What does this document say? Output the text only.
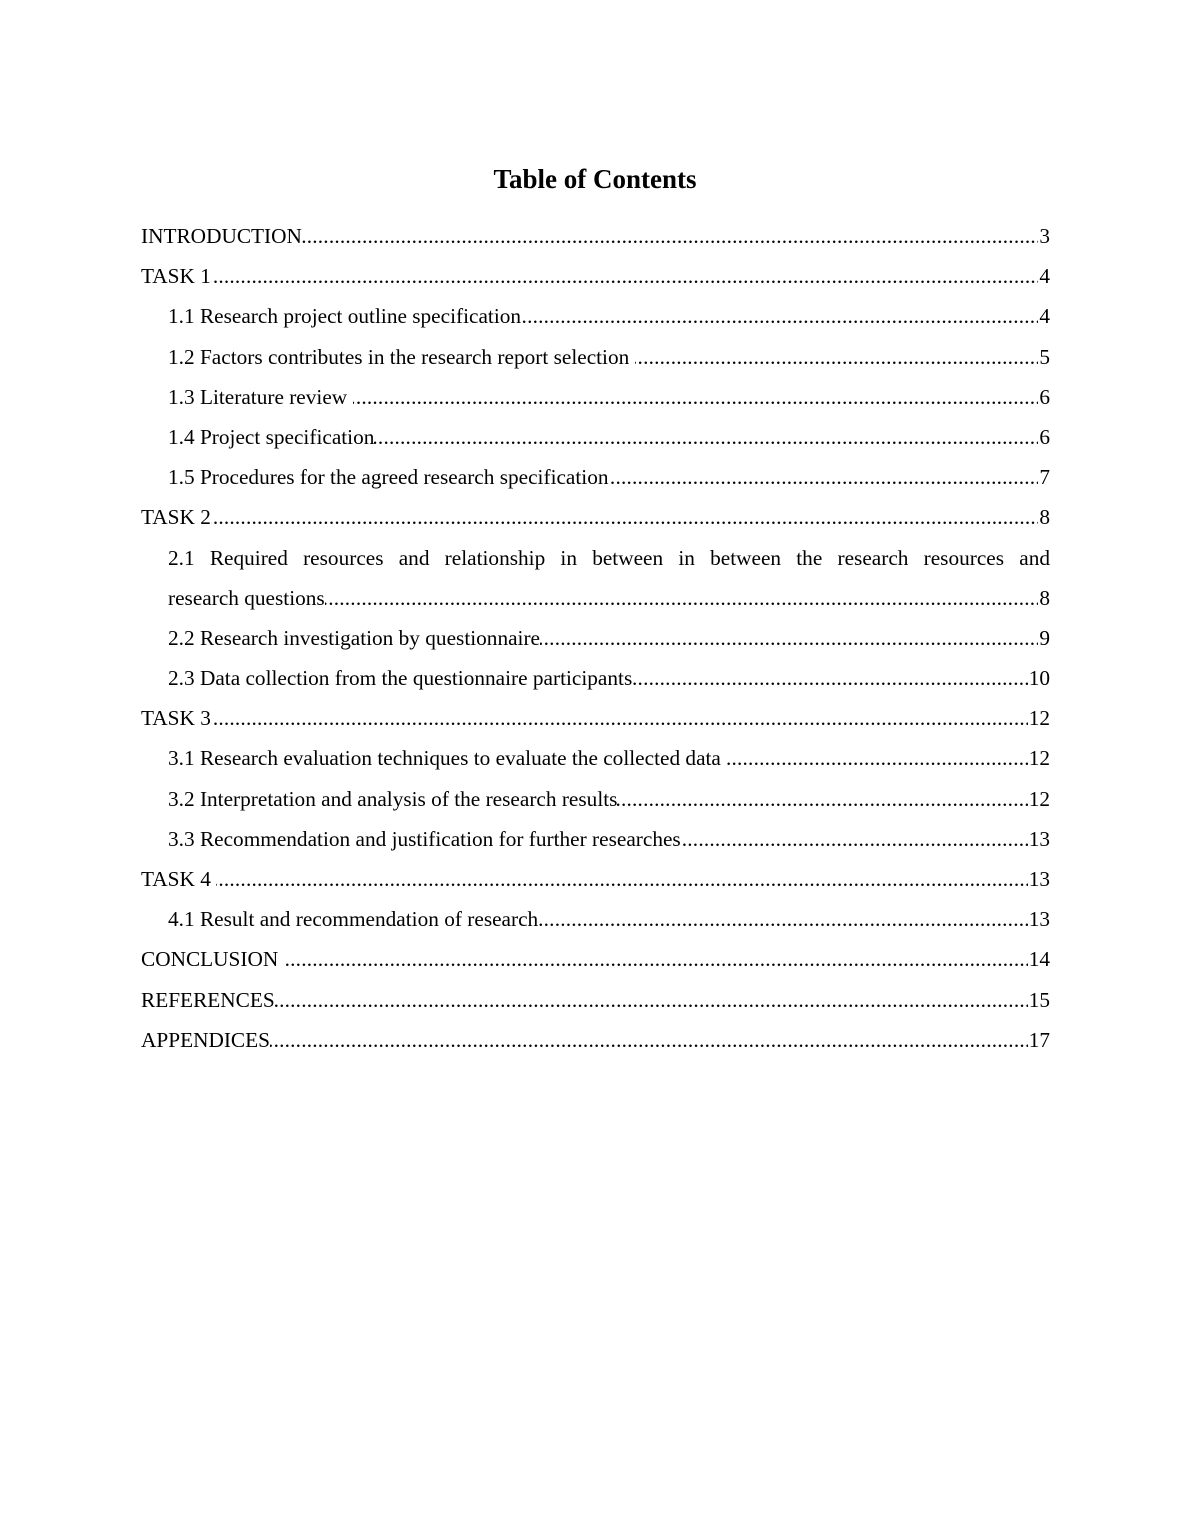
Table of Contents
.....
INTRODUCTION	3
.....
TASK 1	4
.....
1.1 Research project outline specification	4
.....
1.2 Factors contributes in the research report selection	5
.....
1.3 Literature review	6
.....
1.4 Project specification	6
.....
1.5 Procedures for the agreed research specification	7
.....
TASK 2	8
2.1 Required resources and relationship in between in between the research resources and
.....
research questions	8
.....
2.2 Research investigation by questionnaire	9
.....
2.3 Data collection from the questionnaire participants	10
.....
TASK 3	12
.....
3.1 Research evaluation techniques to evaluate the collected data	12
.....
3.2 Interpretation and analysis of the research results	12
.....
3.3 Recommendation and justification for further researches	13
.....
TASK 4	13
.....
4.1 Result and recommendation of research	13
.....
CONCLUSION	14
.....
REFERENCES	15
.....
APPENDICES	17
